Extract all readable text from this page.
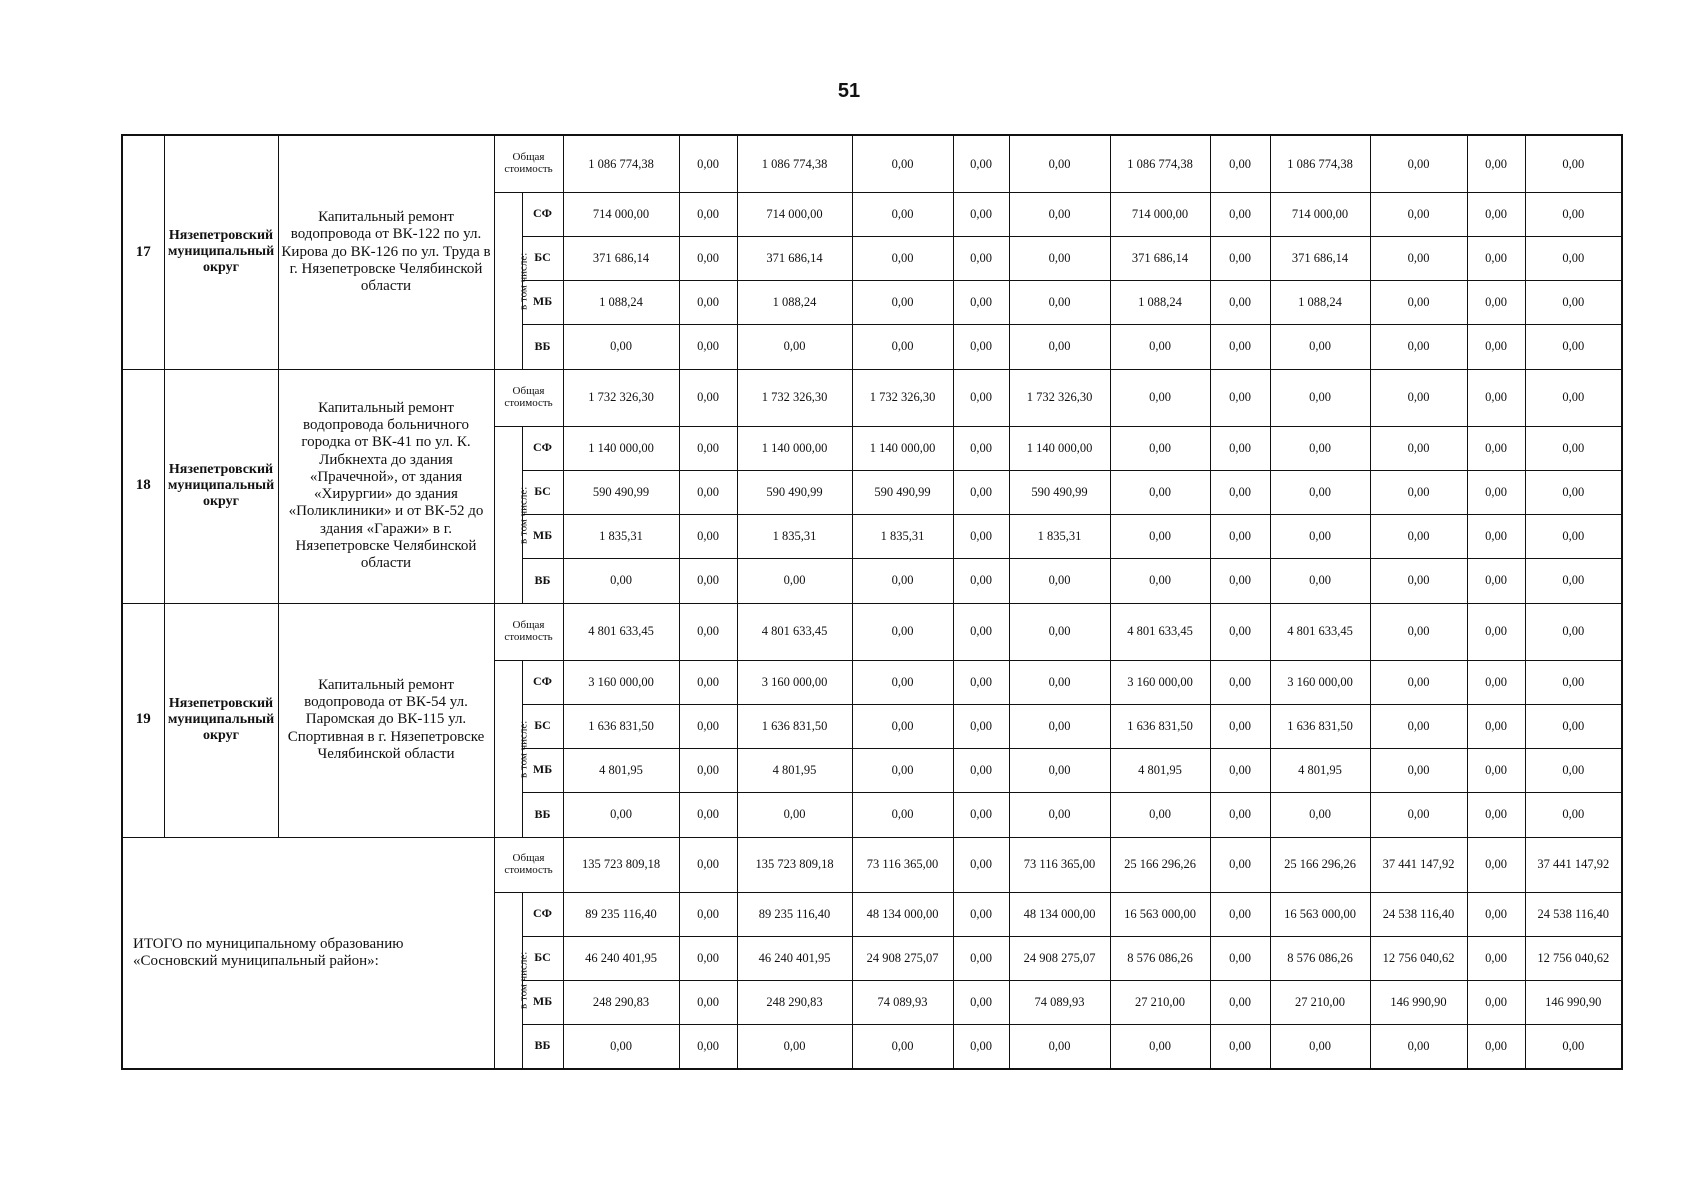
51
17	Нязепетровский муниципальный округ	Капитальный ремонт водопровода от ВК-122 по ул. Кирова до ВК-126 по ул. Труда в г. Нязепетровске Челябинской области	Общая стоимость		1 086 774,38	0,00	1 086 774,38	0,00	0,00	0,00	1 086 774,38	0,00	1 086 774,38	0,00	0,00	0,00
			в том числе:	СФ	714 000,00	0,00	714 000,00	0,00	0,00	0,00	714 000,00	0,00	714 000,00	0,00	0,00	0,00
				БС	371 686,14	0,00	371 686,14	0,00	0,00	0,00	371 686,14	0,00	371 686,14	0,00	0,00	0,00
				МБ	1 088,24	0,00	1 088,24	0,00	0,00	0,00	1 088,24	0,00	1 088,24	0,00	0,00	0,00
				ВБ	0,00	0,00	0,00	0,00	0,00	0,00	0,00	0,00	0,00	0,00	0,00	0,00
18	Нязепетровский муниципальный округ	Капитальный ремонт водопровода больничного городка от ВК-41 по ул. К. Либкнехта до здания «Прачечной», от здания «Хирургии» до здания «Поликлиники» и от ВК-52 до здания «Гаражи» в г. Нязепетровске Челябинской области	Общая стоимость		1 732 326,30	0,00	1 732 326,30	1 732 326,30	0,00	1 732 326,30	0,00	0,00	0,00	0,00	0,00	0,00
			в том числе:	СФ	1 140 000,00	0,00	1 140 000,00	1 140 000,00	0,00	1 140 000,00	0,00	0,00	0,00	0,00	0,00	0,00
				БС	590 490,99	0,00	590 490,99	590 490,99	0,00	590 490,99	0,00	0,00	0,00	0,00	0,00	0,00
				МБ	1 835,31	0,00	1 835,31	1 835,31	0,00	1 835,31	0,00	0,00	0,00	0,00	0,00	0,00
				ВБ	0,00	0,00	0,00	0,00	0,00	0,00	0,00	0,00	0,00	0,00	0,00	0,00
19	Нязепетровский муниципальный округ	Капитальный ремонт водопровода от ВК-54 ул. Паромская до ВК-115 ул. Спортивная в г. Нязепетровске Челябинской области	Общая стоимость		4 801 633,45	0,00	4 801 633,45	0,00	0,00	0,00	4 801 633,45	0,00	4 801 633,45	0,00	0,00	0,00
			в том числе:	СФ	3 160 000,00	0,00	3 160 000,00	0,00	0,00	0,00	3 160 000,00	0,00	3 160 000,00	0,00	0,00	0,00
				БС	1 636 831,50	0,00	1 636 831,50	0,00	0,00	0,00	1 636 831,50	0,00	1 636 831,50	0,00	0,00	0,00
				МБ	4 801,95	0,00	4 801,95	0,00	0,00	0,00	4 801,95	0,00	4 801,95	0,00	0,00	0,00
				ВБ	0,00	0,00	0,00	0,00	0,00	0,00	0,00	0,00	0,00	0,00	0,00	0,00
ИТОГО по муниципальному образованию «Сосновский муниципальный район»:			Общая стоимость		135 723 809,18	0,00	135 723 809,18	73 116 365,00	0,00	73 116 365,00	25 166 296,26	0,00	25 166 296,26	37 441 147,92	0,00	37 441 147,92
			в том числе:	СФ	89 235 116,40	0,00	89 235 116,40	48 134 000,00	0,00	48 134 000,00	16 563 000,00	0,00	16 563 000,00	24 538 116,40	0,00	24 538 116,40
				БС	46 240 401,95	0,00	46 240 401,95	24 908 275,07	0,00	24 908 275,07	8 576 086,26	0,00	8 576 086,26	12 756 040,62	0,00	12 756 040,62
				МБ	248 290,83	0,00	248 290,83	74 089,93	0,00	74 089,93	27 210,00	0,00	27 210,00	146 990,90	0,00	146 990,90
				ВБ	0,00	0,00	0,00	0,00	0,00	0,00	0,00	0,00	0,00	0,00	0,00	0,00
